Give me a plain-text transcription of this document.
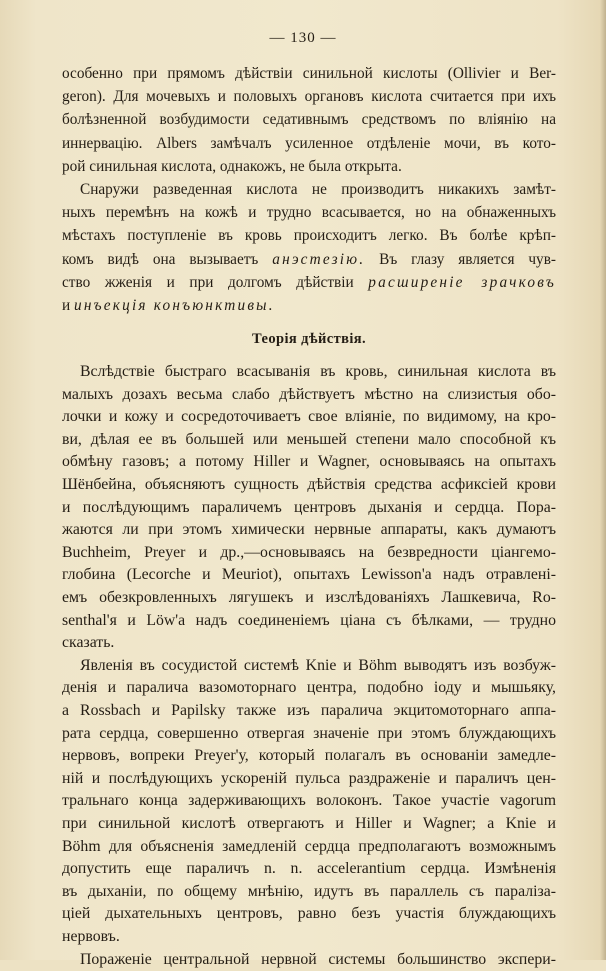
— 130 —
особенно при прямомъ дѣйствіи синильной кислоты (Ollivier и Ber-
geron). Для мочевыхъ и половыхъ органовъ кислота считается при ихъ
болѣзненной возбудимости седативнымъ средствомъ по вліянію на
иннервацію. Albers замѣчалъ усиленное отдѣленіе мочи, въ кото-
рой синильная кислота, однакожъ, не была открыта.
Снаружи разведенная кислота не производитъ никакихъ замѣт-
ныхъ перемѣнъ на кожѣ и трудно всасывается, но на обнаженныхъ
мѣстахъ поступленіе въ кровь происходитъ легко. Въ болѣе крѣп-
комъ видѣ она вызываетъ анэстезію. Въ глазу является чув-
ство жженія и при долгомъ дѣйствіи расширеніе зрачковъ
и инъекція конъюнктивы.
Теорія дѣйствія.
Вслѣдствіе быстраго всасыванія въ кровь, синильная кислота въ
малыхъ дозахъ весьма слабо дѣйствуетъ мѣстно на слизистыя обо-
лочки и кожу и сосредоточиваетъ свое вліяніе, по видимому, на кро-
ви, дѣлая ее въ большей или меньшей степени мало способной къ
обмѣну газовъ; а потому Hiller и Wagner, основываясь на опытахъ
Шёнбейна, объясняютъ сущность дѣйствія средства асфиксіей крови
и послѣдующимъ параличемъ центровъ дыханія и сердца. Пора-
жаются ли при этомъ химически нервные аппараты, какъ думаютъ
Buchheim, Preyer и др.,—основываясь на безвредности ціангемо-
глобина (Lecorche и Meuriot), опытахъ Lewisson'а надъ отравленi-
емъ обезкровленныхъ лягушекъ и изслѣдованіяхъ Лашкевича, Ro-
senthal'я и Löw'а надъ соединеніемъ ціана съ бѣлками, — трудно
сказать.
Явленія въ сосудистой системѣ Knie и Böhm выводятъ изъ возбуж-
денія и паралича вазомоторнаго центра, подобно іоду и мышьяку,
а Rossbach и Papilsky также изъ паралича экцитомоторнаго аппа-
рата сердца, совершенно отвергая значеніе при этомъ блуждающихъ
нервовъ, вопреки Preyer'у, который полагалъ въ основаніи замедле-
ній и послѣдующихъ ускореній пульса раздраженіе и параличъ цен-
тральнаго конца задерживающихъ волоконъ. Такое участіе vagorum
при синильной кислотѣ отвергаютъ и Hiller и Wagner; а Knie и
Böhm для объясненія замедленій сердца предполагаютъ возможнымъ
допустить еще параличъ n. n. accelerantium сердца. Измѣненія
въ дыханіи, по общему мнѣнію, идутъ въ параллель съ параліза-
ціей дыхательныхъ центровъ, равно безъ участія блуждающихъ
нервовъ.
Пораженіе центральной нервной системы большинство экспери-
